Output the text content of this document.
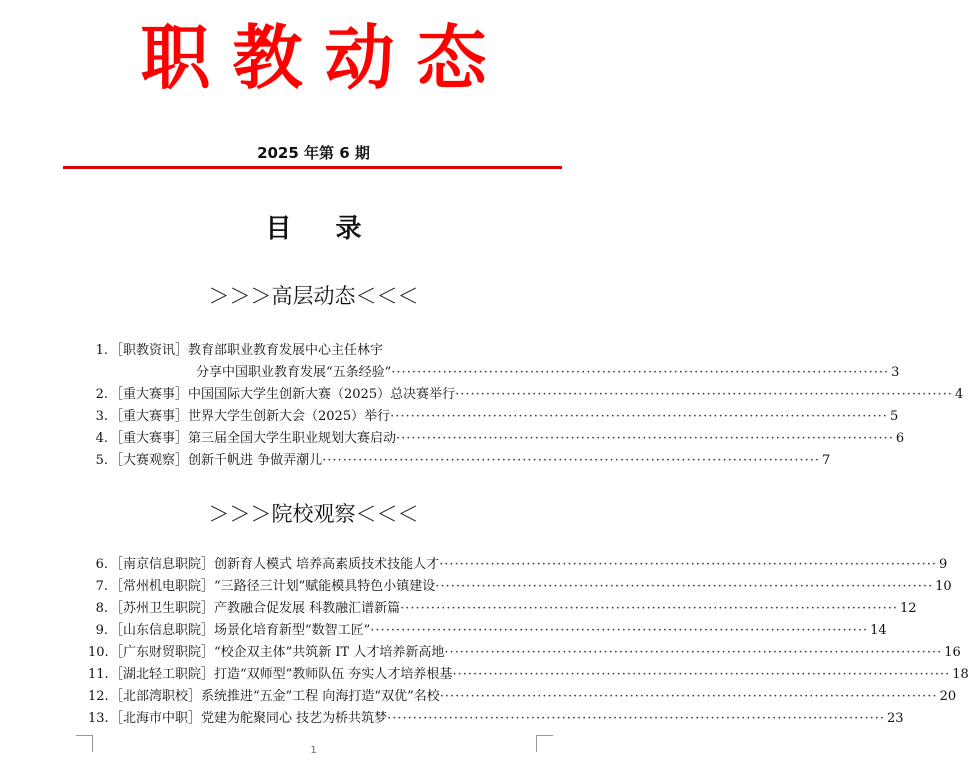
职教动态
2025 年第 6 期
目录
＞＞＞高层动态＜＜＜
1. ［职教资讯］教育部职业教育发展中心主任林宇
分享中国职业教育发展“五条经验” ·····	3
2. ［重大赛事］中国国际大学生创新大赛（2025）总决赛举行 ·····	4
3. ［重大赛事］世界大学生创新大会（2025）举行 ·····	5
4. ［重大赛事］第三届全国大学生职业规划大赛启动 ·····	6
5. ［大赛观察］创新千帆进 争做弄潮儿 ·····	7
＞＞＞院校观察＜＜＜
6. ［南京信息职院］创新育人模式 培养高素质技术技能人才 ·····	9
7. ［常州机电职院］“三路径三计划”赋能模具特色小镇建设 ·····	10
8. ［苏州卫生职院］产教融合促发展 科教融汇谱新篇 ·····	12
9. ［山东信息职院］场景化培育新型“数智工匠” ·····	14
10. ［广东财贸职院］“校企双主体”共筑新 IT 人才培养新高地 ·····	16
11. ［湖北轻工职院］打造“双师型”教师队伍 夯实人才培养根基 ·····	18
12. ［北部湾职校］系统推进“五金”工程 向海打造“双优”名校 ·····	20
13. ［北海市中职］党建为舵聚同心 技艺为桥共筑梦 ·····	23
1
